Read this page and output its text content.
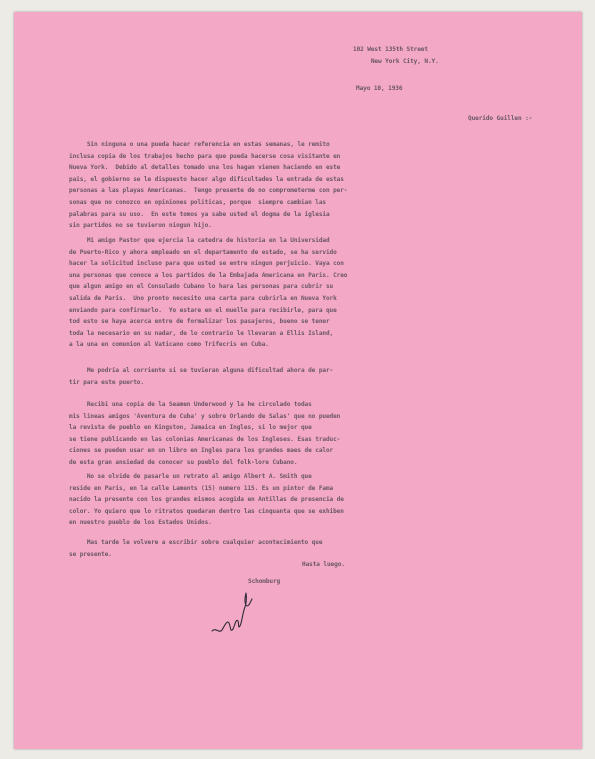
102 West 135th Street
New York City, N.Y.

Mayo 10, 1936

Querido Guillen :-

Sin ninguna o una pueda hacer referencia en estas semanas, le remito
inclusa copia de los trabajos hecho para que pueda hacerse cosa visitante en
Nueva York.  Debido al detalles tomado una los hagan vienen haciendo en este
pais, el gobierno se le dispuesto hacer algo dificultades la entrada de estas
personas a las playas Americanas.  Tengo presente de no comprometerme con per-
sonas que no conozco en opiniones politicas, porque  siempre cambian las
palabras para su uso.  En este tomos ya sabe usted el dogma de la iglesia
sin partidos no se tuvieron ningun hijo.

Mi amigo Pastor que ejercia la catedra de historia en la Universidad
de Puerto-Rico y ahora empleado en el departamento de estado, se ha servido
hacer la solicitud incluso para que usted se entre ningun perjuicio. Vaya con
una personas que conoce a los partidos de la Embajada Americana en Paris. Creo
que algun amigo en el Consulado Cubano lo hara las personas para cubrir su
salida de Paris.  Uno pronto necesito una carta para cubrirla en Nueva York
enviando para confirmarlo.  Yo estare en el muelle para recibirle, para que
tod esto se haya acerca entre de formalizar los pasajeros, bueno se tener
toda la necesario en su nadar, de lo contrario le llevaran a Ellis Island,
a la una en comunion al Vaticano como Trifecris en Cuba.

Me podria al corriente si se tuvieran alguna dificultad ahora de par-
tir para este puerto.

Recibi una copia de la Seamen Underwood y la he circulado todas
mis lineas amigos 'Aventura de Cuba' y sobre Orlando de Salas' que no pueden
la revista de pueblo en Kingston, Jamaica en Ingles, si lo mejor que
se tiene publicando en las colonias Americanas de los Ingleses. Esas traduc-
ciones se pueden usar en un libro en Ingles para los grandes maes de calor
de esta gran ansiedad de conocer su pueblo del folk-lore Cubano.

No se olvide de pasarle un retrato al amigo Albert A. Smith que
reside en Paris, en la calle Laments (15) numero 115. Es un pintor de Fama
nacido la presente con los grandes mismos acogida en Antillas de presencia de
color. Yo quiero que lo ritratos quedaran dentro las cinquanta que se exhiben
en nuestro pueblo de los Estados Unidos.

Mas tarde le volvere a escribir sobre cualquier acontecimiento que
se presente.

Hasta luego.

Schomburg
